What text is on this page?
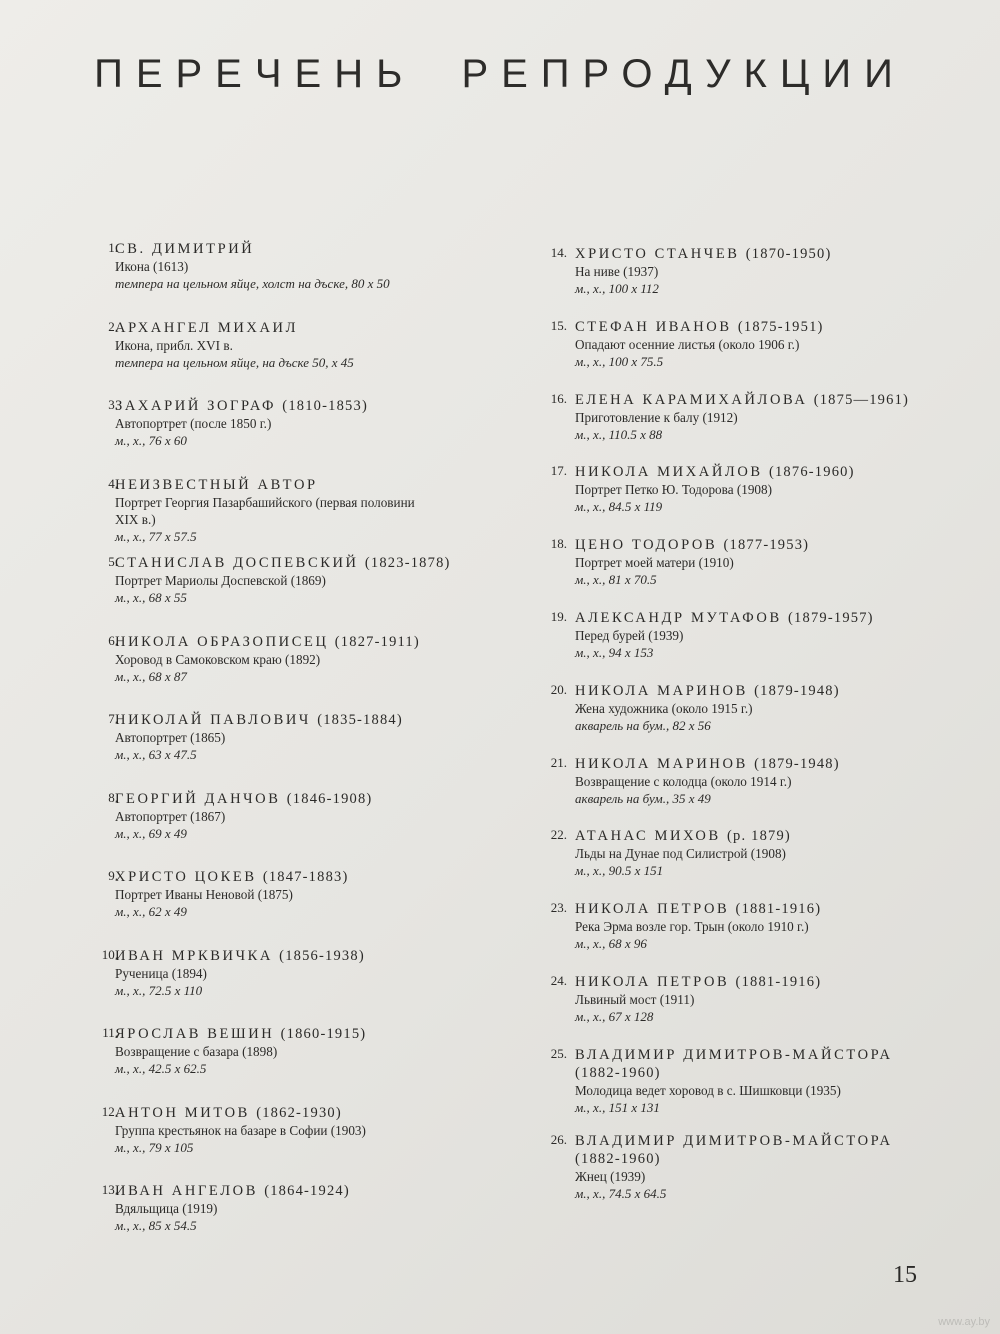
ПЕРЕЧЕНЬ РЕПРОДУКЦИИ
1.
СВ. ДИМИТРИЙ
Икона (1613)
темпера на цельном яйце, холст на дъске, 80 x 50
2.
АРХАНГЕЛ МИХАИЛ
Икона, прибл. XVI в.
темпера на цельном яйце, на дъске 50, x 45
3.
ЗАХАРИЙ ЗОГРАФ (1810-1853)
Автопортрет (после 1850 г.)
м., х., 76 x 60
4.
НЕИЗВЕСТНЫЙ АВТОР
Портрет Георгия Пазарбашийского (первая половини XIX в.)
м., х., 77 x 57.5
5.
СТАНИСЛАВ ДОСПЕВСКИЙ (1823-1878)
Портрет Мариолы Доспевской (1869)
м., х., 68 x 55
6.
НИКОЛА ОБРАЗОПИСЕЦ (1827-1911)
Хоровод в Самоковском краю (1892)
м., х., 68 x 87
7.
НИКОЛАЙ ПАВЛОВИЧ (1835-1884)
Автопортрет (1865)
м., х., 63 x 47.5
8.
ГЕОРГИЙ ДАНЧОВ (1846-1908)
Автопортрет (1867)
м., х., 69 x 49
9.
ХРИСТО ЦОКЕВ (1847-1883)
Портрет Иваны Неновой (1875)
м., х., 62 x 49
10.
ИВАН МРКВИЧКА (1856-1938)
Рученица (1894)
м., х., 72.5 x 110
11.
ЯРОСЛАВ ВЕШИН (1860-1915)
Возвращение с базара (1898)
м., х., 42.5 x 62.5
12.
АНТОН МИТОВ (1862-1930)
Группа крестьянок на базаре в Софии (1903)
м., х., 79 x 105
13.
ИВАН АНГЕЛОВ (1864-1924)
Вдяльщица (1919)
м., х., 85 x 54.5
14. ХРИСТО СТАНЧЕВ (1870-1950)
На ниве (1937)
м., х., 100 x 112
15. СТЕФАН ИВАНОВ (1875-1951)
Опадают осенние листья (около 1906 г.)
м., х., 100 x 75.5
16. ЕЛЕНА КАРАМИХАЙЛОВА (1875—1961)
Приготовление к балу (1912)
м., х., 110.5 x 88
17. НИКОЛА МИХАЙЛОВ (1876-1960)
Портрет Петко Ю. Тодорова (1908)
м., х., 84.5 x 119
18. ЦЕНО ТОДОРОВ (1877-1953)
Портрет моей матери (1910)
м., х., 81 x 70.5
19. АЛЕКСАНДР МУТАФОВ (1879-1957)
Перед бурей (1939)
м., х., 94 x 153
20. НИКОЛА МАРИНОВ (1879-1948)
Жена художника (около 1915 г.)
акварель на бум., 82 x 56
21. НИКОЛА МАРИНОВ (1879-1948)
Возвращение с колодца (около 1914 г.)
акварель на бум., 35 x 49
22. АТАНАС МИХОВ (р. 1879)
Льды на Дунае под Силистрой (1908)
м., х., 90.5 x 151
23. НИКОЛА ПЕТРОВ (1881-1916)
Река Эрма возле гор. Трын (около 1910 г.)
м., х., 68 x 96
24. НИКОЛА ПЕТРОВ (1881-1916)
Львиный мост (1911)
м., х., 67 x 128
25. ВЛАДИМИР ДИМИТРОВ-МАЙСТОРА
(1882-1960)
Молодица ведет хоровод в с. Шишковци (1935)
м., х., 151 x 131
26. ВЛАДИМИР ДИМИТРОВ-МАЙСТОРА
(1882-1960)
Жнец (1939)
м., х., 74.5 x 64.5
15
www.ay.by
